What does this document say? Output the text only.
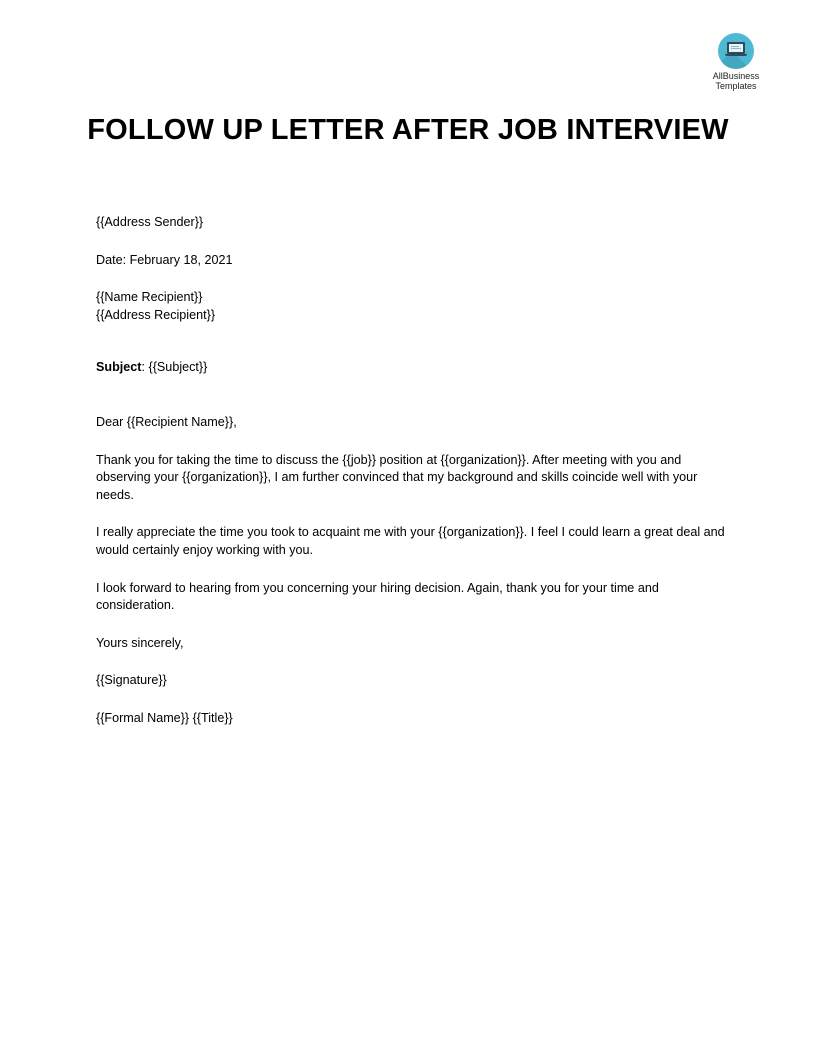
AllBusiness
Templates
FOLLOW UP LETTER AFTER JOB INTERVIEW

{{Address Sender}}

Date: February 18, 2021

{{Name Recipient}}

{{Address Recipient}}

Subject: {{Subject}}

Dear {{Recipient Name}},

Thank you for taking the time to discuss the {{job}} position at {{organization}}. After meeting with you and observing your {{organization}}, I am further convinced that my background and skills coincide well with your needs.

I really appreciate the time you took to acquaint me with your {{organization}}. I feel I could learn a great deal and would certainly enjoy working with you.

I look forward to hearing from you concerning your hiring decision. Again, thank you for your time and consideration.

Yours sincerely,

{{Signature}}

{{Formal Name}} {{Title}}
